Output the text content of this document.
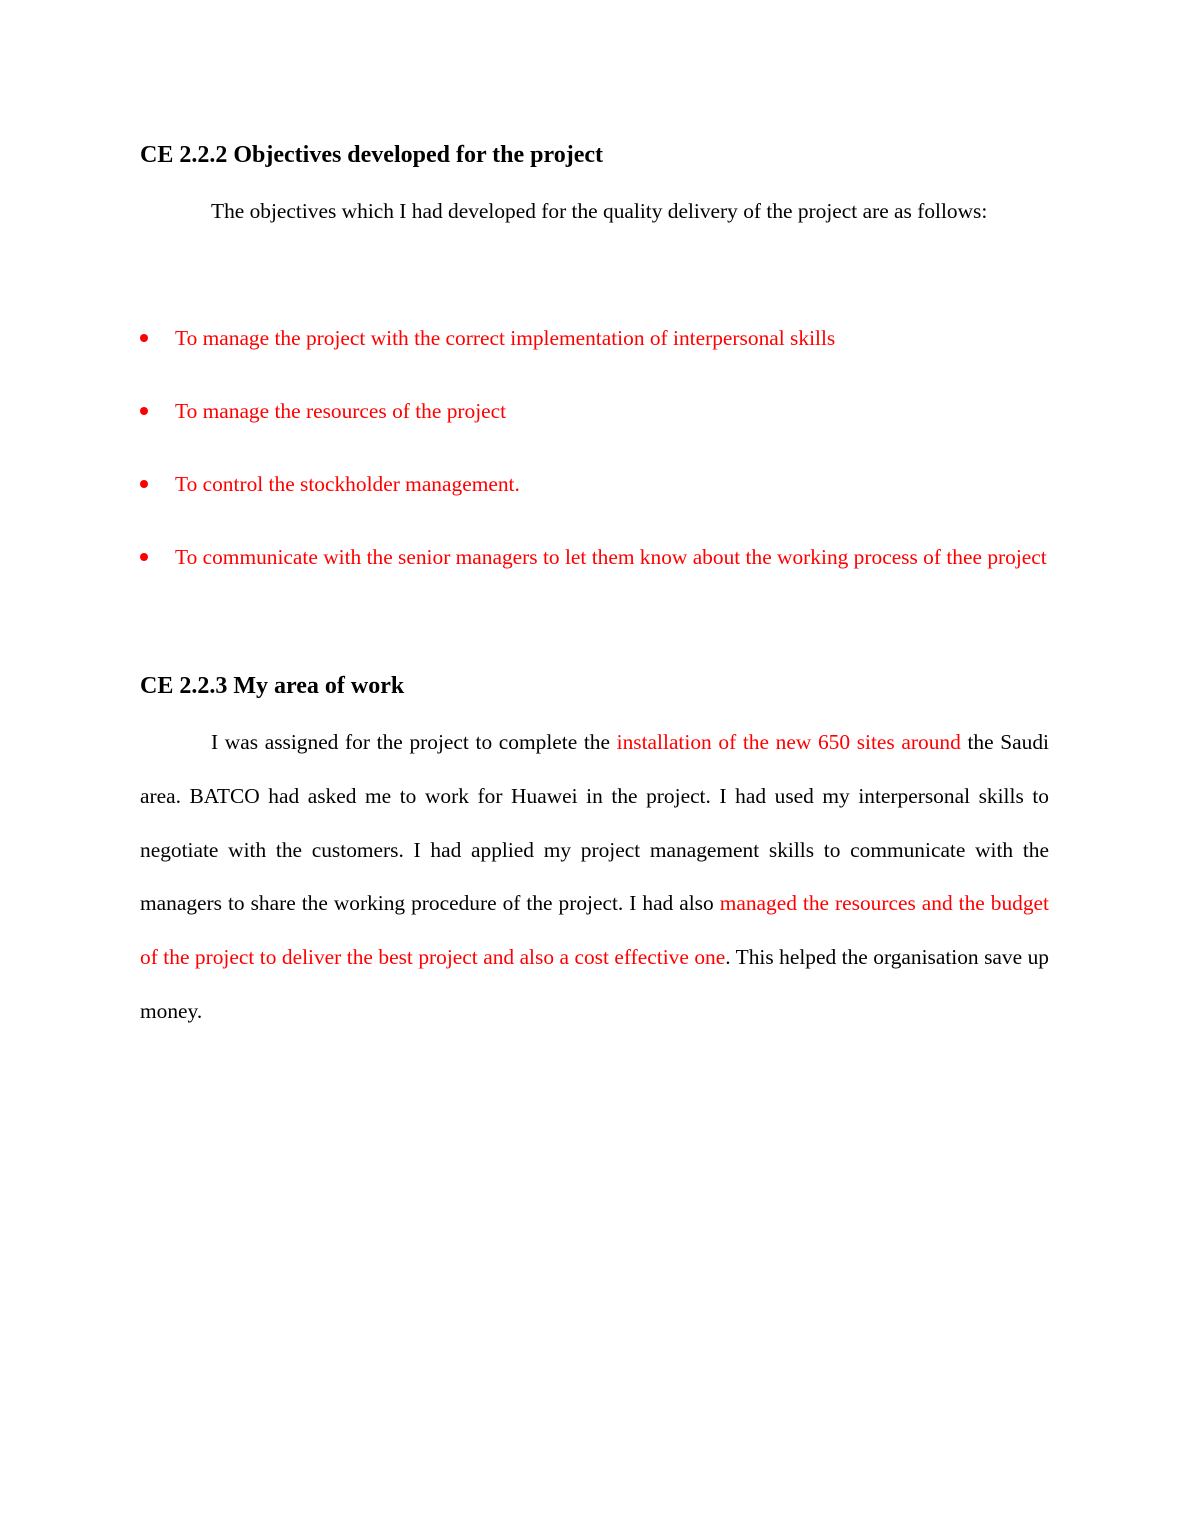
CE 2.2.2 Objectives developed for the project

The objectives which I had developed for the quality delivery of the project are as follows:

To manage the project with the correct implementation of interpersonal skills
To manage the resources of the project
To control the stockholder management.
To communicate with the senior managers to let them know about the working process of thee project
CE 2.2.3 My area of work

I was assigned for the project to complete the installation of the new 650 sites around the Saudi area. BATCO had asked me to work for Huawei in the project. I had used my interpersonal skills to negotiate with the customers. I had applied my project management skills to communicate with the managers to share the working procedure of the project. I had also managed the resources and the budget of the project to deliver the best project and also a cost effective one. This helped the organisation save up money.
